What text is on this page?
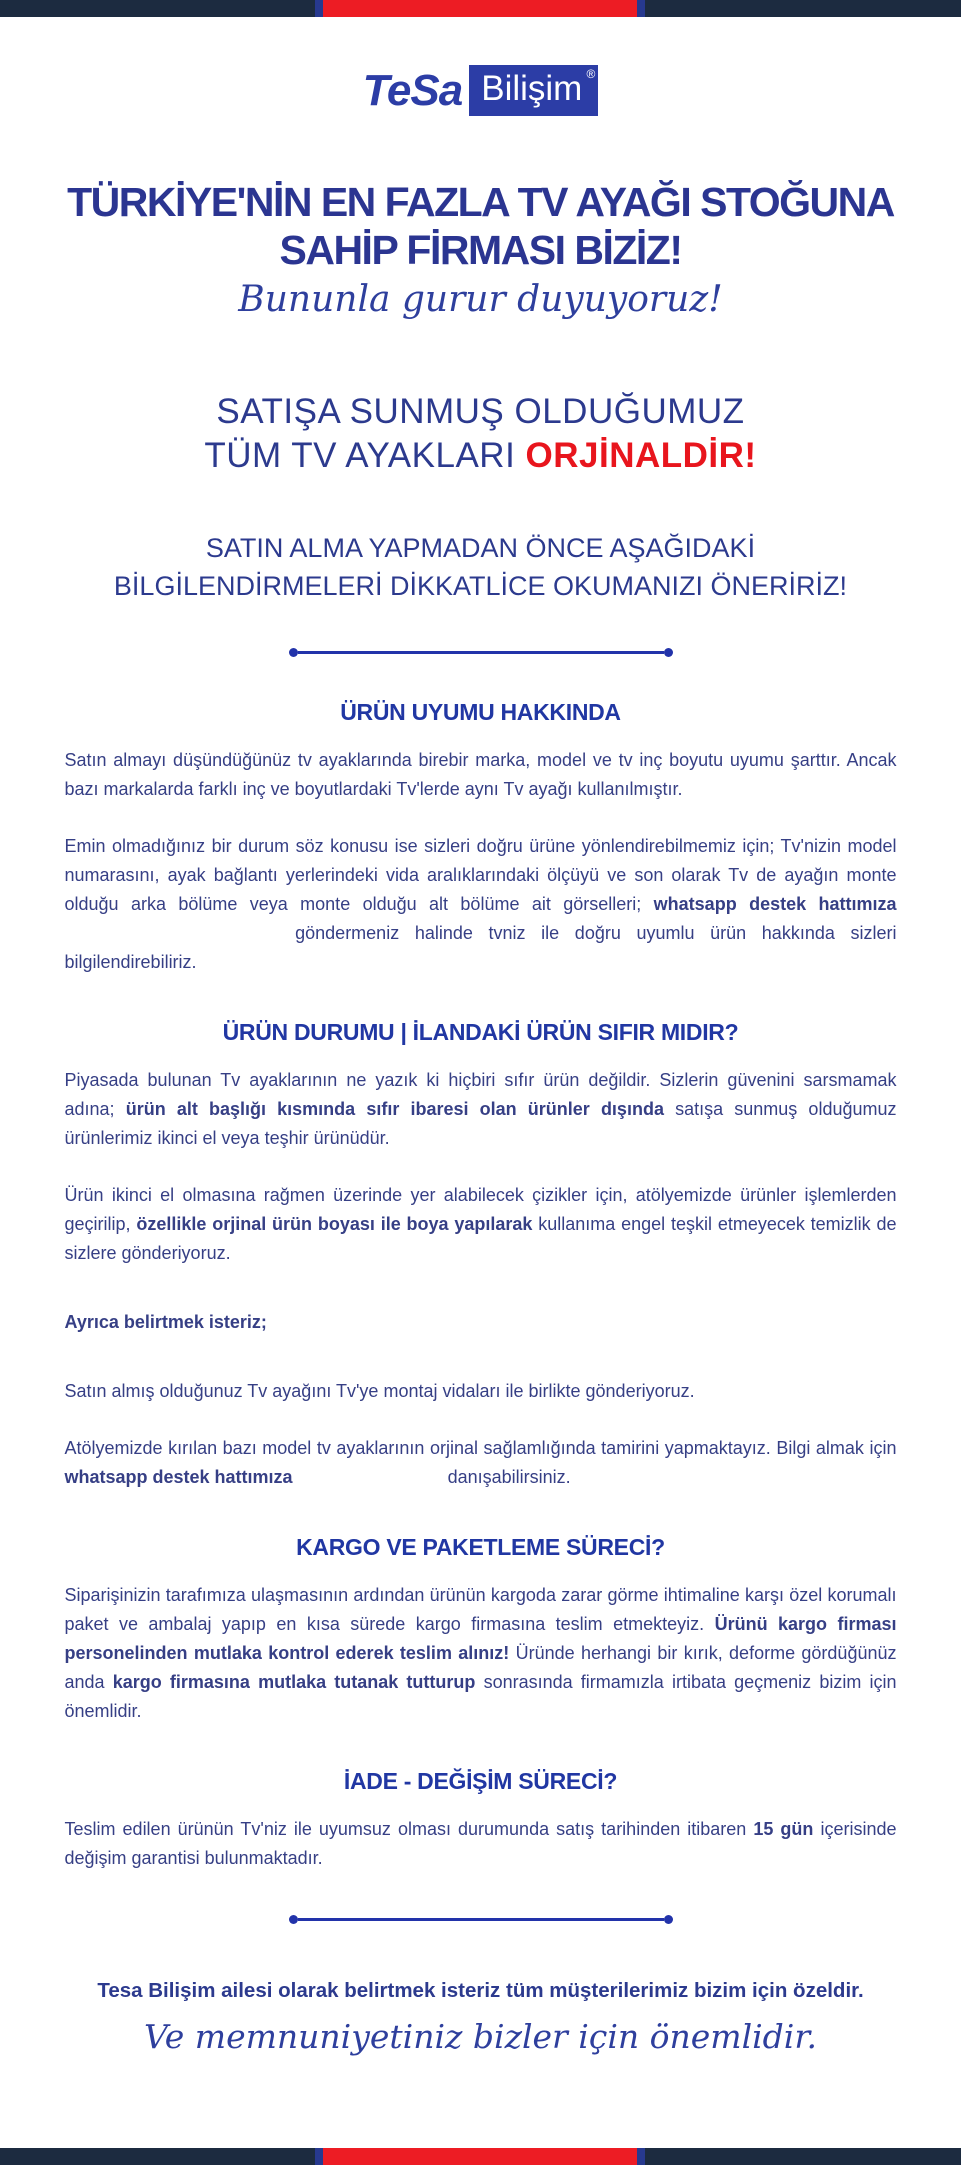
TeSa Bilişim ®
TÜRKİYE'NİN EN FAZLA TV AYAĞI STOĞUNA
SAHİP FİRMASI BİZİZ!
Bununla gurur duyuyoruz!
SATIŞA SUNMUŞ OLDUĞUMUZ
TÜM TV AYAKLARI ORJİNALDİR!
SATIN ALMA YAPMADAN ÖNCE AŞAĞIDAKİ
BİLGİLENDİRMELERİ DİKKATLİCE OKUMANIZI ÖNERİRİZ!
ÜRÜN UYUMU HAKKINDA

Satın almayı düşündüğünüz tv ayaklarında birebir marka, model ve tv inç boyutu uyumu şarttır. Ancak bazı markalarda farklı inç ve boyutlardaki Tv'lerde aynı Tv ayağı kullanılmıştır.

Emin olmadığınız bir durum söz konusu ise sizleri doğru ürüne yönlendirebilmemiz için; Tv'nizin model numarasını, ayak bağlantı yerlerindeki vida aralıklarındaki ölçüyü ve son olarak Tv de ayağın monte olduğu arka bölüme veya monte olduğu alt bölüme ait görselleri; whatsapp destek hattımıza göndermeniz halinde tvniz ile doğru uyumlu ürün hakkında sizleri bilgilendirebiliriz.

ÜRÜN DURUMU | İLANDAKİ ÜRÜN SIFIR MIDIR?

Piyasada bulunan Tv ayaklarının ne yazık ki hiçbiri sıfır ürün değildir. Sizlerin güvenini sarsmamak adına; ürün alt başlığı kısmında sıfır ibaresi olan ürünler dışında satışa sunmuş olduğumuz ürünlerimiz ikinci el veya teşhir ürünüdür.

Ürün ikinci el olmasına rağmen üzerinde yer alabilecek çizikler için, atölyemizde ürünler işlemlerden geçirilip, özellikle orjinal ürün boyası ile boya yapılarak kullanıma engel teşkil etmeyecek temizlik de sizlere gönderiyoruz.

Ayrıca belirtmek isteriz;

Satın almış olduğunuz Tv ayağını Tv'ye montaj vidaları ile birlikte gönderiyoruz.

Atölyemizde kırılan bazı model tv ayaklarının orjinal sağlamlığında tamirini yapmaktayız. Bilgi almak için whatsapp destek hattımıza	danışabilirsiniz.

KARGO VE PAKETLEME SÜRECİ?

Siparişinizin tarafımıza ulaşmasının ardından ürünün kargoda zarar görme ihtimaline karşı özel korumalı paket ve ambalaj yapıp en kısa sürede kargo firmasına teslim etmekteyiz. Ürünü kargo firması personelinden mutlaka kontrol ederek teslim alınız! Üründe herhangi bir kırık, deforme gördüğünüz anda kargo firmasına mutlaka tutanak tutturup sonrasında firmamızla irtibata geçmeniz bizim için önemlidir.

İADE - DEĞİŞİM SÜRECİ?

Teslim edilen ürünün Tv'niz ile uyumsuz olması durumunda satış tarihinden itibaren 15 gün içerisinde değişim garantisi bulunmaktadır.

Tesa Bilişim ailesi olarak belirtmek isteriz tüm müşterilerimiz bizim için özeldir.
Ve memnuniyetiniz bizler için önemlidir.
